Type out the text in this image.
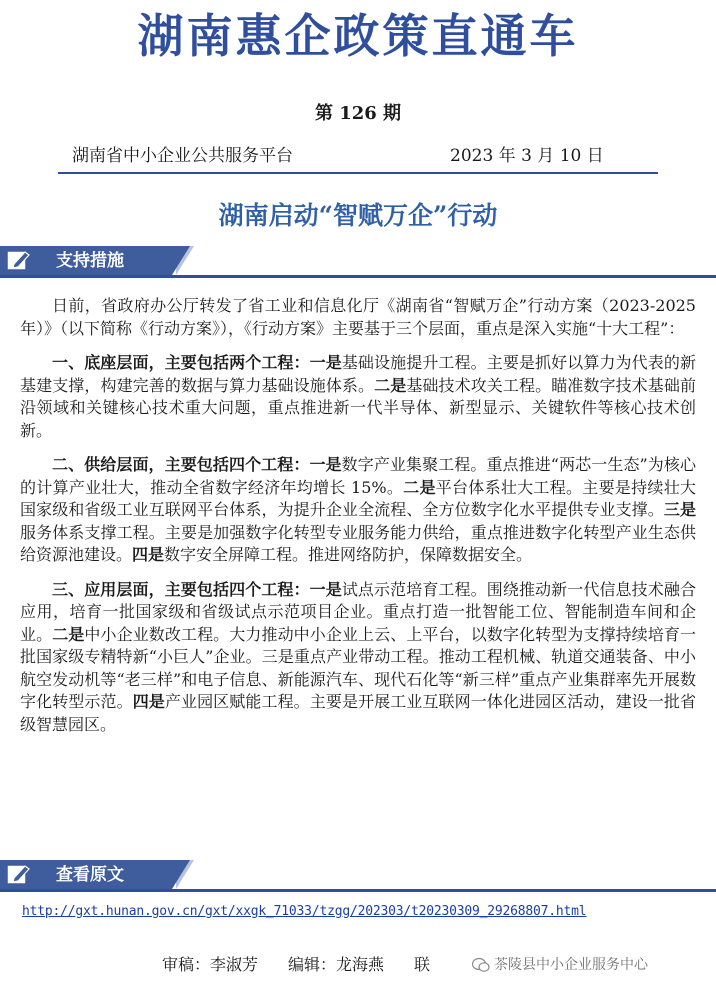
湖南惠企政策直通车
第 126 期
湖南省中小企业公共服务平台	2023 年 3 月 10 日
湖南启动“智赋万企”行动
支持措施

日前，省政府办公厅转发了省工业和信息化厅《湖南省“智赋万企”行动方案（2023-2025 年）》（以下简称《行动方案》），《行动方案》主要基于三个层面，重点是深入实施“十大工程”：

一、底座层面，主要包括两个工程：一是基础设施提升工程。主要是抓好以算力为代表的新基建支撑，构建完善的数据与算力基础设施体系。二是基础技术攻关工程。瞄准数字技术基础前沿领域和关键核心技术重大问题，重点推进新一代半导体、新型显示、关键软件等核心技术创新。

二、供给层面，主要包括四个工程：一是数字产业集聚工程。重点推进“两芯一生态”为核心的计算产业壮大，推动全省数字经济年均增长 15%。二是平台体系壮大工程。主要是持续壮大国家级和省级工业互联网平台体系，为提升企业全流程、全方位数字化水平提供专业支撑。三是服务体系支撑工程。主要是加强数字化转型专业服务能力供给，重点推进数字化转型产业生态供给资源池建设。四是数字安全屏障工程。推进网络防护，保障数据安全。

三、应用层面，主要包括四个工程：一是试点示范培育工程。围绕推动新一代信息技术融合应用，培育一批国家级和省级试点示范项目企业。重点打造一批智能工位、智能制造车间和企业。二是中小企业数改工程。大力推动中小企业上云、上平台，以数字化转型为支撑持续培育一批国家级专精特新“小巨人”企业。三是重点产业带动工程。推动工程机械、轨道交通装备、中小航空发动机等“老三样”和电子信息、新能源汽车、现代石化等“新三样”重点产业集群率先开展数字化转型示范。四是产业园区赋能工程。主要是开展工业互联网一体化进园区活动，建设一批省级智慧园区。

查看原文
http://gxt.hunan.gov.cn/gxt/xxgk_71033/tzgg/202303/t20230309_29268807.html
审稿：李淑芳 编辑：龙海燕 联	茶陵县中小企业服务中心
